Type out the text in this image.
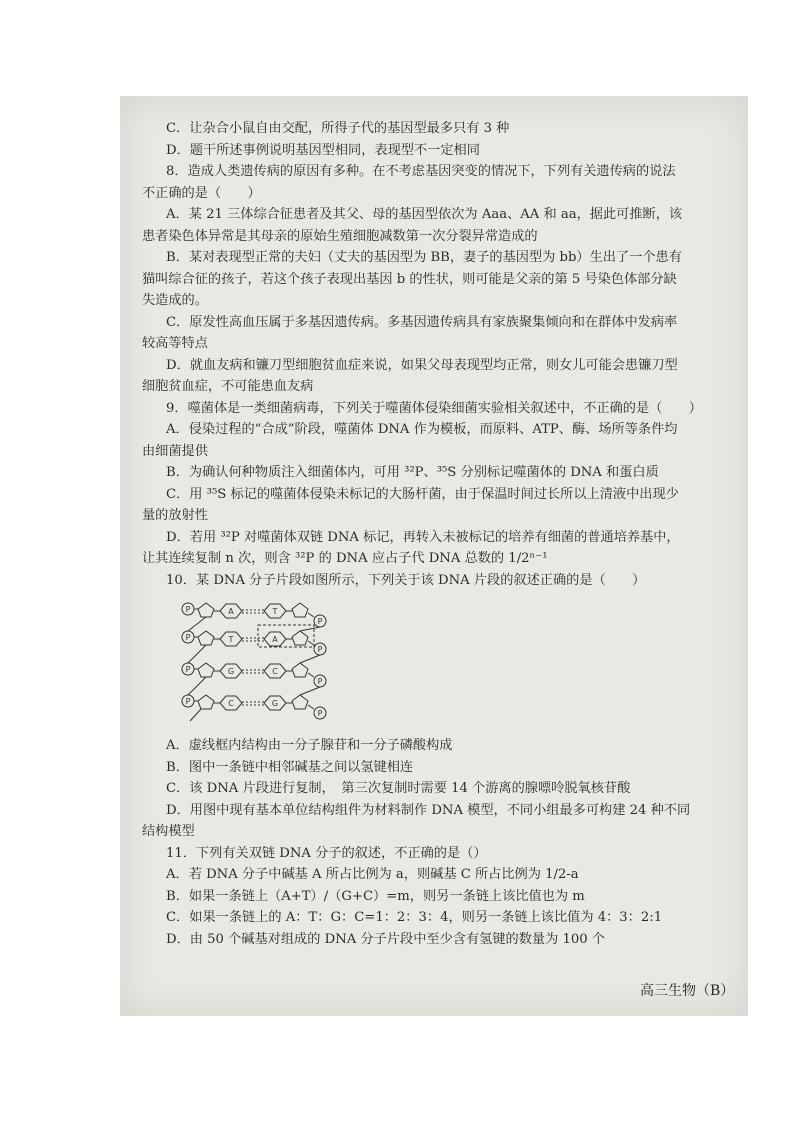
C．让杂合小鼠自由交配，所得子代的基因型最多只有 3 种
D．题干所述事例说明基因型相同，表现型不一定相同
8．造成人类遗传病的原因有多种。在不考虑基因突变的情况下，下列有关遗传病的说法
不正确的是（　　）
A．某 21 三体综合征患者及其父、母的基因型依次为 Aaa、AA 和 aa，据此可推断，该
患者染色体异常是其母亲的原始生殖细胞减数第一次分裂异常造成的
B．某对表现型正常的夫妇（丈夫的基因型为 BB，妻子的基因型为 bb）生出了一个患有
猫叫综合征的孩子，若这个孩子表现出基因 b 的性状，则可能是父亲的第 5 号染色体部分缺
失造成的。
C．原发性高血压属于多基因遗传病。多基因遗传病具有家族聚集倾向和在群体中发病率
较高等特点
D．就血友病和镰刀型细胞贫血症来说，如果父母表现型均正常，则女儿可能会患镰刀型
细胞贫血症，不可能患血友病
9．噬菌体是一类细菌病毒，下列关于噬菌体侵染细菌实验相关叙述中，不正确的是（　　）
A．侵染过程的“合成”阶段，噬菌体 DNA 作为模板，而原料、ATP、酶、场所等条件均
由细菌提供
B．为确认何种物质注入细菌体内，可用 ³²P、³⁵S 分别标记噬菌体的 DNA 和蛋白质
C．用 ³⁵S 标记的噬菌体侵染未标记的大肠杆菌，由于保温时间过长所以上清液中出现少
量的放射性
D．若用 ³²P 对噬菌体双链 DNA 标记，再转入未被标记的培养有细菌的普通培养基中，
让其连续复制 n 次，则含 ³²P 的 DNA 应占子代 DNA 总数的 1/2ⁿ⁻¹
10．某 DNA 分子片段如图所示，下列关于该 DNA 片段的叙述正确的是（　　）
P	A	T
P
P	T	A
P
P	G	C
P
P	C	G
P
A．虚线框内结构由一分子腺苷和一分子磷酸构成
B．图中一条链中相邻碱基之间以氢键相连
C．该 DNA 片段进行复制，　第三次复制时需要 14 个游离的腺嘌呤脱氧核苷酸
D．用图中现有基本单位结构组件为材料制作 DNA 模型，不同小组最多可构建 24 种不同
结构模型
11．下列有关双链 DNA 分子的叙述，不正确的是（）
A．若 DNA 分子中碱基 A 所占比例为 a，则碱基 C 所占比例为 1/2-a
B．如果一条链上（A+T）/（G+C）=m，则另一条链上该比值也为 m
C．如果一条链上的 A：T：G：C=1：2：3：4，则另一条链上该比值为 4：3：2:1
D．由 50 个碱基对组成的 DNA 分子片段中至少含有氢键的数量为 100 个
高三生物（B）
